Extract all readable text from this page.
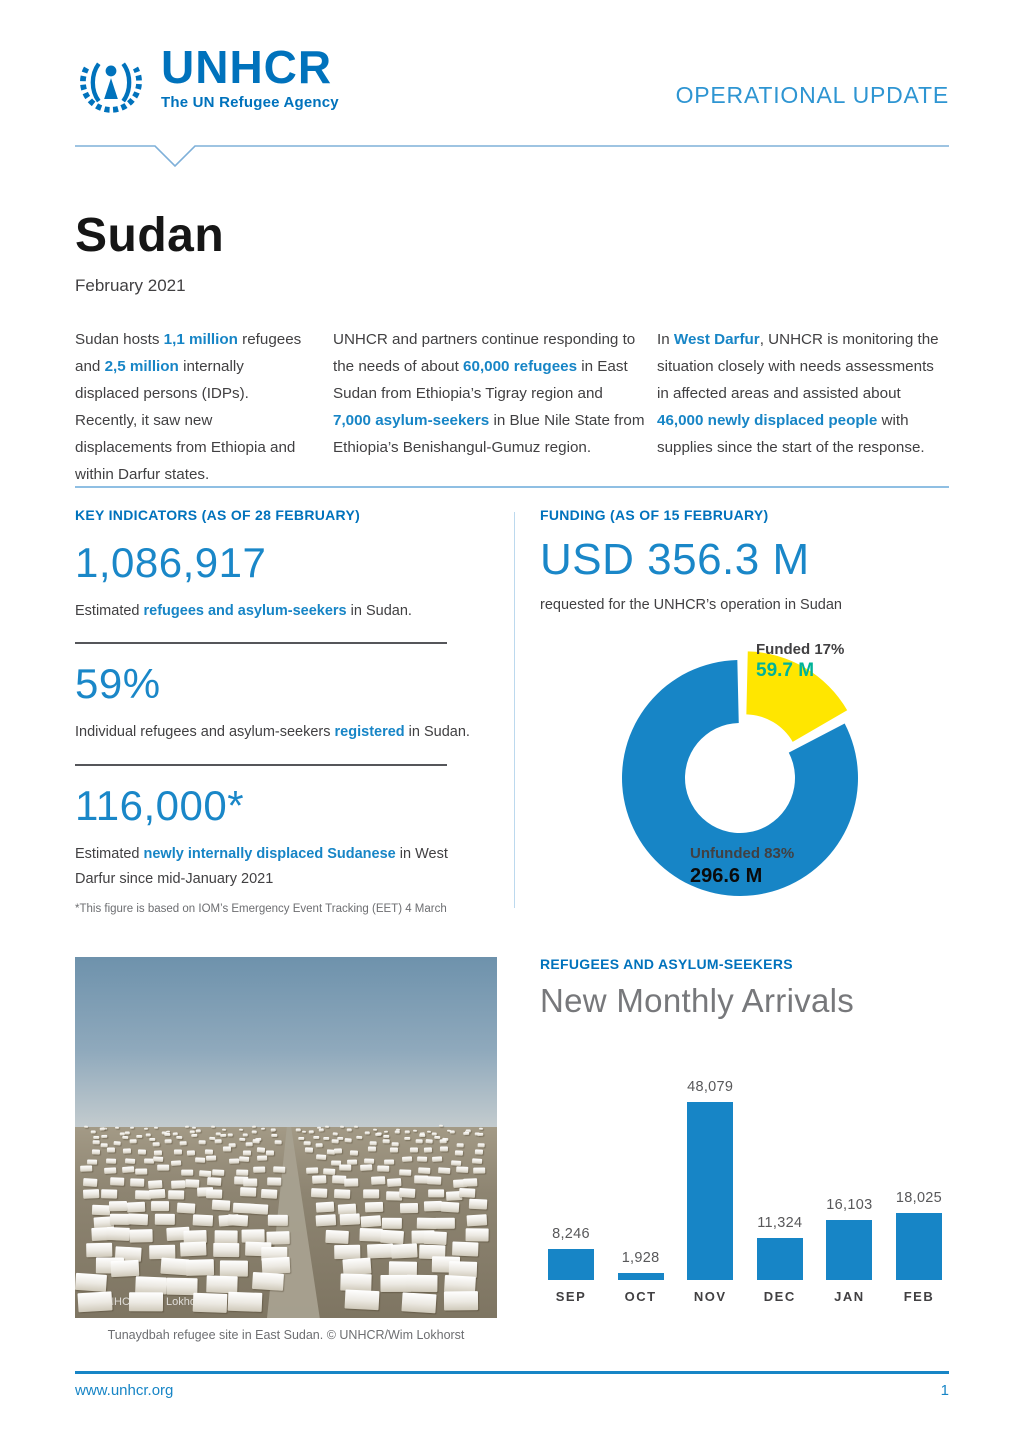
UNHCR
The UN Refugee Agency	OPERATIONAL UPDATE
Sudan
February 2021
Sudan hosts 1,1 million refugees and 2,5 million internally displaced persons (IDPs). Recently, it saw new displacements from Ethiopia and within Darfur states.
UNHCR and partners continue responding to the needs of about 60,000 refugees in East Sudan from Ethiopia’s Tigray region and 7,000 asylum-seekers in Blue Nile State from Ethiopia’s Benishangul-Gumuz region.
In West Darfur, UNHCR is monitoring the situation closely with needs assessments in affected areas and assisted about 46,000 newly displaced people with supplies since the start of the response.
KEY INDICATORS (AS OF 28 FEBRUARY)
1,086,917
Estimated refugees and asylum-seekers in Sudan.
59%
Individual refugees and asylum-seekers registered in Sudan.
116,000*
Estimated newly internally displaced Sudanese in West Darfur since mid-January 2021
*This figure is based on IOM’s Emergency Event Tracking (EET) 4 March
FUNDING (AS OF 15 FEBRUARY)
USD 356.3 M
requested for the UNHCR’s operation in Sudan
Funded 17%
59.7 M
Unfunded 83%
296.6 M
Lokhorst
Tunaydbah refugee site in East Sudan. © UNHCR/Wim Lokhorst
REFUGEES AND ASYLUM-SEEKERS
New Monthly Arrivals
8,246
SEP
1,928
OCT
48,079
NOV
11,324
DEC
16,103
JAN
18,025
FEB
www.unhcr.org	1
